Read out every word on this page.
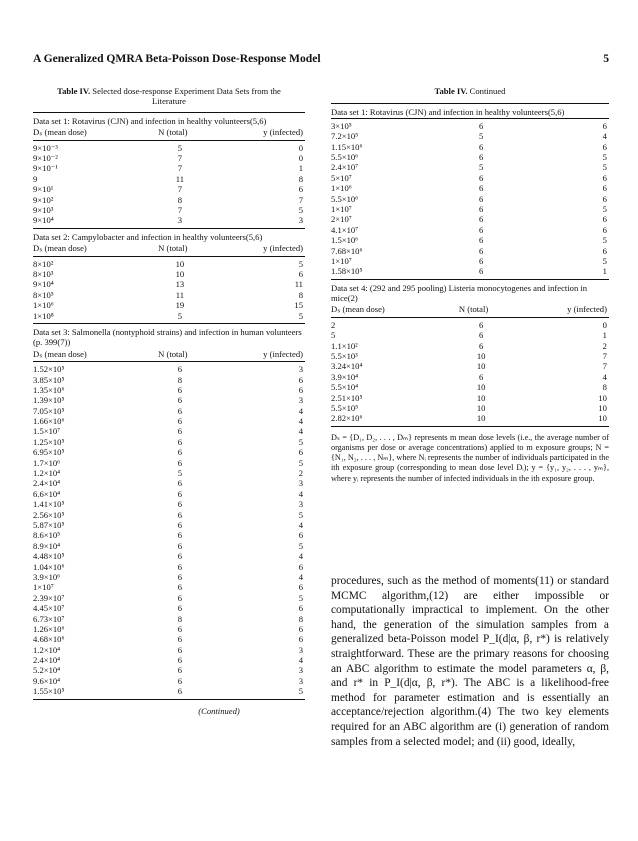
A Generalized QMRA Beta-Poisson Dose-Response Model	5
Table IV. Selected dose-response Experiment Data Sets from the Literature
Data set 1: Rotavirus (CJN) and infection in healthy volunteers(5,6)
Dₛ (mean dose)	N (total)	y (infected)
9×10⁻³	5	0
9×10⁻²	7	0
9×10⁻¹	7	1
9	11	8
9×10¹	7	6
9×10²	8	7
9×10³	7	5
9×10⁴	3	3
Data set 2: Campylobacter and infection in healthy volunteers(5,6)
Dₛ (mean dose)	N (total)	y (infected)
8×10²	10	5
8×10³	10	6
9×10⁴	13	11
8×10⁵	11	8
1×10⁶	19	15
1×10⁸	5	5
Data set 3: Salmonella (nontyphoid strains) and infection in human volunteers (p. 399(7))
Dₛ (mean dose)	N (total)	y (infected)
1.52×10⁵	6	3
3.85×10⁵	8	6
1.35×10⁶	6	6
1.39×10⁵	6	3
7.05×10⁵	6	4
1.66×10⁶	6	4
1.5×10⁷	6	4
1.25×10⁵	6	5
6.95×10⁵	6	6
1.7×10⁶	6	5
1.2×10⁴	5	2
2.4×10⁴	6	3
6.6×10⁴	6	4
1.41×10⁵	6	3
2.56×10⁵	6	5
5.87×10⁵	6	4
8.6×10⁵	6	6
8.9×10⁴	6	5
4.48×10⁵	6	4
1.04×10⁶	6	6
3.9×10⁶	6	4
1×10⁷	6	6
2.39×10⁷	6	5
4.45×10⁷	6	6
6.73×10⁷	8	8
1.26×10⁶	6	6
4.68×10⁶	6	6
1.2×10⁴	6	3
2.4×10⁴	6	4
5.2×10⁴	6	3
9.6×10⁴	6	3
1.55×10⁵	6	5
(Continued)
Table IV. Continued
Data set 1: Rotavirus (CJN) and infection in healthy volunteers(5,6)
3×10⁵	6	6
7.2×10⁵	5	4
1.15×10⁶	6	6
5.5×10⁶	6	5
2.4×10⁷	5	5
5×10⁷	6	6
1×10⁶	6	6
5.5×10⁶	6	6
1×10⁷	6	5
2×10⁷	6	6
4.1×10⁷	6	6
1.5×10⁶	6	5
7.68×10⁶	6	6
1×10⁷	6	5
1.58×10⁵	6	1
Data set 4: (292 and 295 pooling) Listeria monocytogenes and infection in mice(2)
Dₛ (mean dose)	N (total)	y (infected)
2	6	0
5	6	1
1.1×10²	6	2
5.5×10³	10	7
3.24×10⁴	10	7
3.9×10⁴	6	4
5.5×10⁴	10	8
2.51×10⁵	10	10
5.5×10⁵	10	10
2.82×10⁶	10	10
Dₛ = {D₁, D₂, . . . , Dₘ} represents m mean dose levels (i.e., the average number of organisms per dose or average concentrations) applied to m exposure groups; N = {N₁, N₂, . . . , Nₘ}, where Nᵢ represents the number of individuals participated in the ith exposure group (corresponding to mean dose level Dᵢ); y = {y₁, y₂, . . . , yₘ}, where yᵢ represents the number of infected individuals in the ith exposure group.
procedures, such as the method of moments(11) or standard MCMC algorithm,(12) are either impossible or computationally impractical to implement. On the other hand, the generation of the simulation samples from a generalized beta-Poisson model P_I(d|α, β, r*) is relatively straightforward. These are the primary reasons for choosing an ABC algorithm to estimate the model parameters α, β, and r* in P_I(d|α, β, r*). The ABC is a likelihood-free method for parameter estimation and is essentially an acceptance/rejection algorithm.(4) The two key elements required for an ABC algorithm are (i) generation of random samples from a selected model; and (ii) good, ideally,
